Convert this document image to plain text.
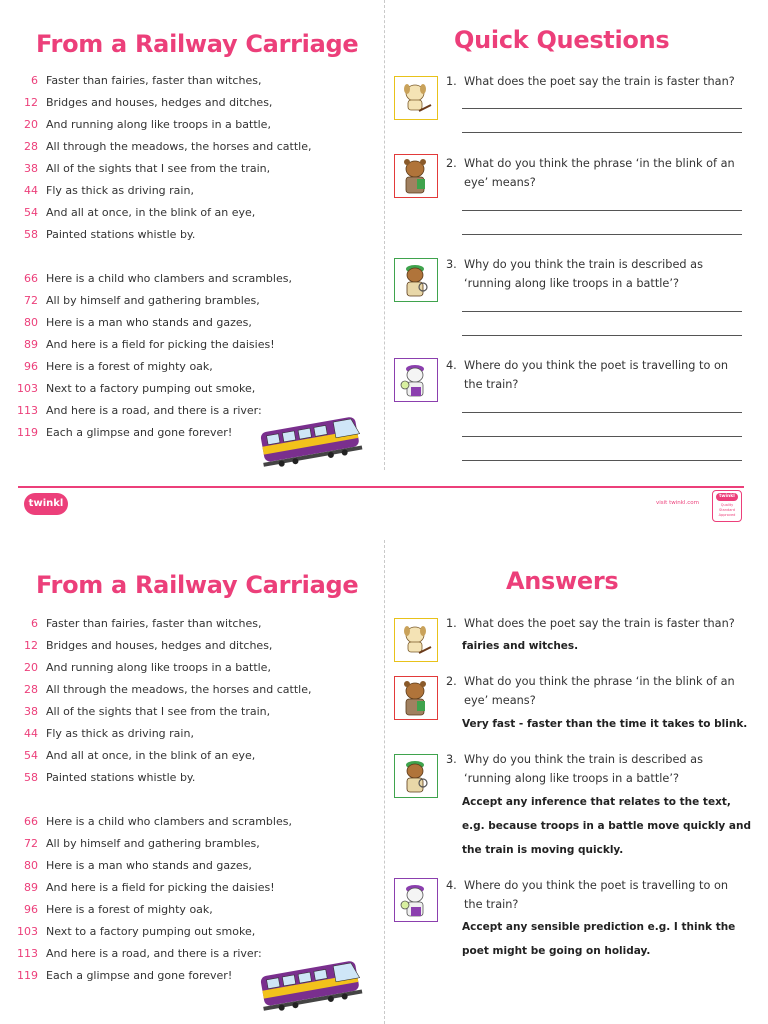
From a Railway Carriage	Quick Questions
6 Faster than fairies, faster than witches,
12 Bridges and houses, hedges and ditches,
20 And running along like troops in a battle,
28 All through the meadows, the horses and cattle,
38 All of the sights that I see from the train,
44 Fly as thick as driving rain,
54 And all at once, in the blink of an eye,
58 Painted stations whistle by.
66 Here is a child who clambers and scrambles,
72 All by himself and gathering brambles,
80 Here is a man who stands and gazes,
89 And here is a field for picking the daisies!
96 Here is a forest of mighty oak,
103 Next to a factory pumping out smoke,
113 And here is a road, and there is a river:
119 Each a glimpse and gone forever!
1. What does the poet say the train is faster than?
2. What do you think the phrase ‘in the blink of an eye’ means?
3. Why do you think the train is described as ‘running along like troops in a battle’?
4. Where do you think the poet is travelling to on the train?
twinkl	visit twinkl.com
twinkl
Quality Standard Approved
From a Railway Carriage	Answers
6 Faster than fairies, faster than witches,
12 Bridges and houses, hedges and ditches,
20 And running along like troops in a battle,
28 All through the meadows, the horses and cattle,
38 All of the sights that I see from the train,
44 Fly as thick as driving rain,
54 And all at once, in the blink of an eye,
58 Painted stations whistle by.
66 Here is a child who clambers and scrambles,
72 All by himself and gathering brambles,
80 Here is a man who stands and gazes,
89 And here is a field for picking the daisies!
96 Here is a forest of mighty oak,
103 Next to a factory pumping out smoke,
113 And here is a road, and there is a river:
119 Each a glimpse and gone forever!
1. What does the poet say the train is faster than?
fairies and witches.
2. What do you think the phrase ‘in the blink of an eye’ means?
Very fast - faster than the time it takes to blink.
3. Why do you think the train is described as ‘running along like troops in a battle’?
Accept any inference that relates to the text, e.g. because troops in a battle move quickly and the train is moving quickly.
4. Where do you think the poet is travelling to on the train?
Accept any sensible prediction e.g. I think the poet might be going on holiday.
